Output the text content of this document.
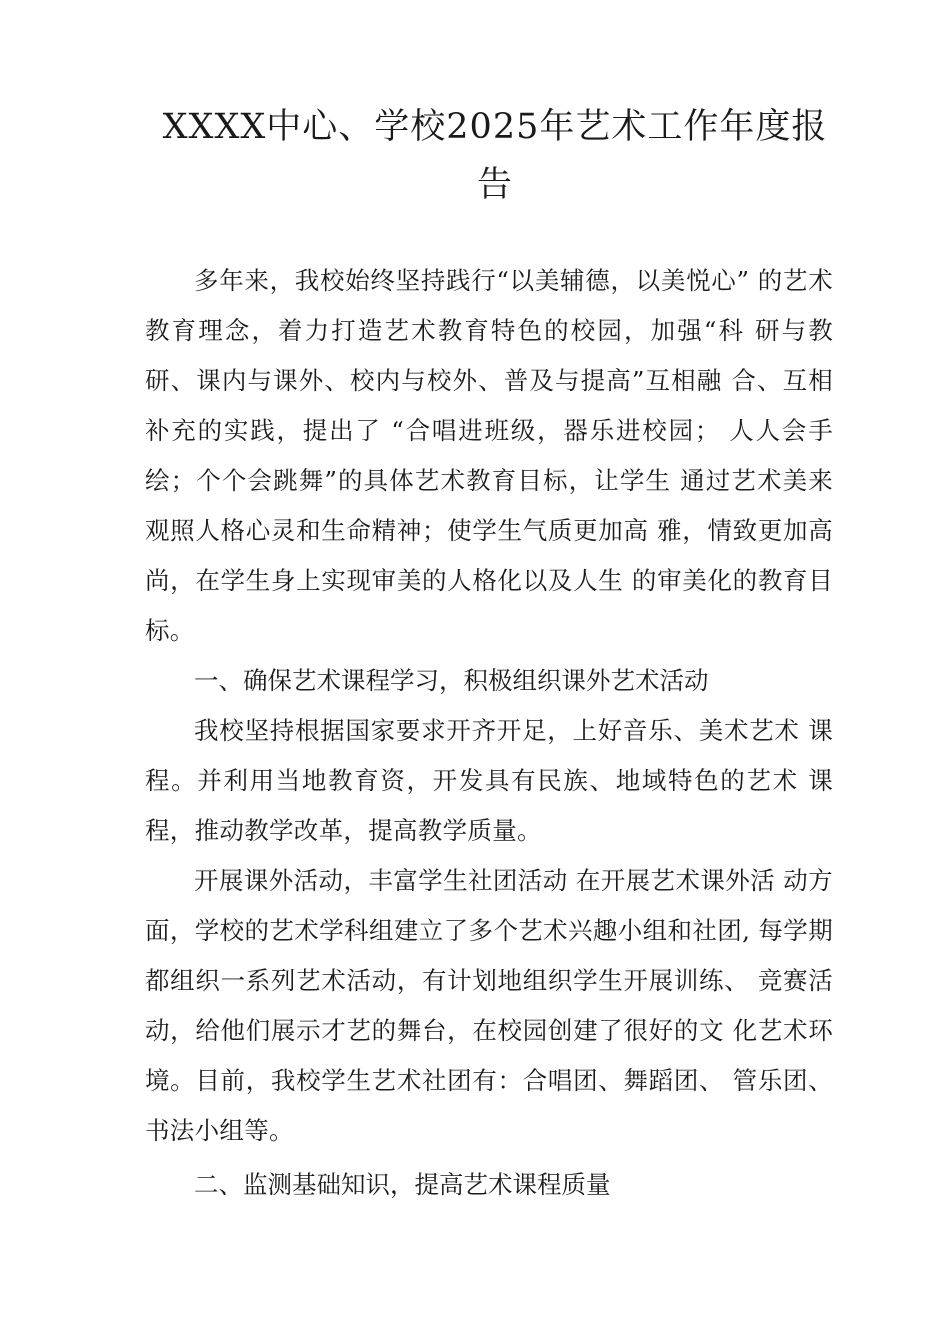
XXXX中心、学校2025年艺术工作年度报
告

多年来，我校始终坚持践行“以美辅德，以美悦心” 的艺术教育理念，着力打造艺术教育特色的校园，加强“科 研与教研、课内与课外、校内与校外、普及与提高”互相融 合、互相补充的实践，提出了 “合唱进班级，器乐进校园； 人人会手绘；个个会跳舞”的具体艺术教育目标，让学生 通过艺术美来观照人格心灵和生命精神；使学生气质更加高 雅，情致更加高尚，在学生身上实现审美的人格化以及人生 的审美化的教育目标。

一、确保艺术课程学习，积极组织课外艺术活动

我校坚持根据国家要求开齐开足，上好音乐、美术艺术 课程。并利用当地教育资，开发具有民族、地域特色的艺术 课程，推动教学改革，提高教学质量。

开展课外活动，丰富学生社团活动 在开展艺术课外活 动方面，学校的艺术学科组建立了多个艺术兴趣小组和社团, 每学期都组织一系列艺术活动，有计划地组织学生开展训练、 竞赛活动，给他们展示才艺的舞台，在校园创建了很好的文 化艺术环境。目前，我校学生艺术社团有：合唱团、舞蹈团、 管乐团、书法小组等。

二、监测基础知识，提高艺术课程质量
